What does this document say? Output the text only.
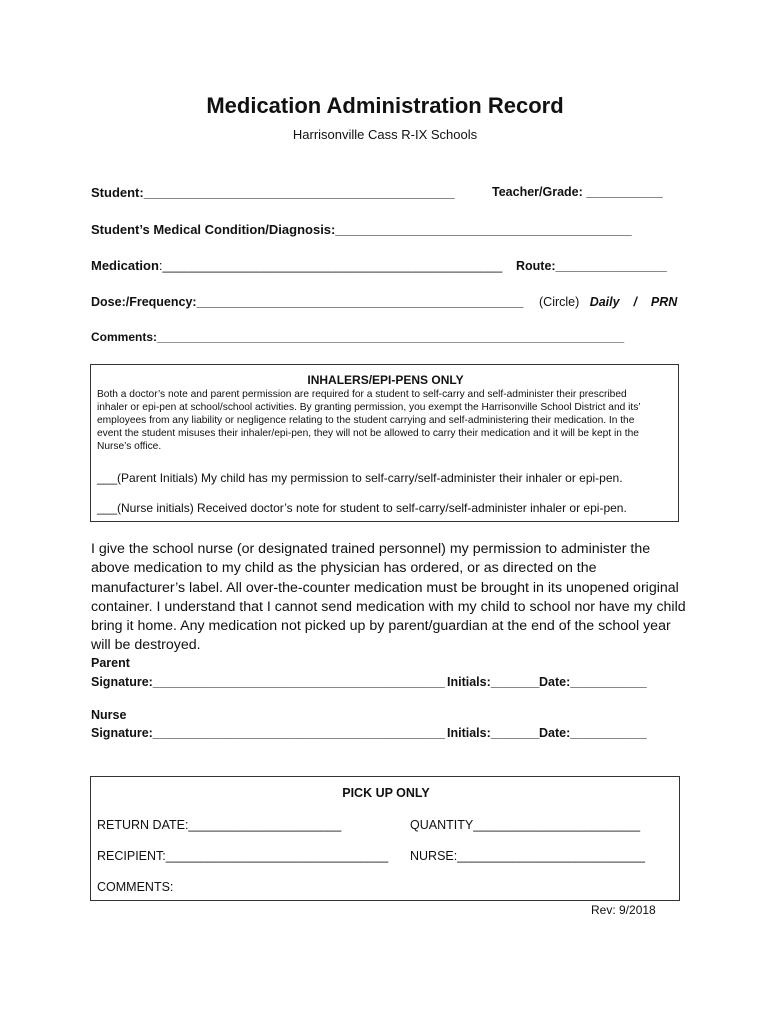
Medication Administration Record
Harrisonville Cass R-IX Schools
Student:___________________________________________	Teacher/Grade: ___________
Student’s Medical Condition/Diagnosis:_________________________________________
Medication:_______________________________________________ Route:________________
Dose:/Frequency:_______________________________________________ (Circle) Daily / PRN
Comments:______________________________________________________________________
INHALERS/EPI-PENS ONLY
Both a doctor’s note and parent permission are required for a student to self-carry and self-administer their prescribed inhaler or epi-pen at school/school activities. By granting permission, you exempt the Harrisonville School District and its’ employees from any liability or negligence relating to the student carrying and self-administering their medication. In the event the student misuses their inhaler/epi-pen, they will not be allowed to carry their medication and it will be kept in the Nurse’s office.
___(Parent Initials) My child has my permission to self-carry/self-administer their inhaler or epi-pen.
___(Nurse initials) Received doctor’s note for student to self-carry/self-administer inhaler or epi-pen.
I give the school nurse (or designated trained personnel) my permission to administer the above medication to my child as the physician has ordered, or as directed on the manufacturer’s label. All over-the-counter medication must be brought in its unopened original container. I understand that I cannot send medication with my child to school nor have my child bring it home. Any medication not picked up by parent/guardian at the end of the school year will be destroyed.
Parent
Signature:__________________________________________ Initials:_______ Date:___________
Nurse
Signature:__________________________________________ Initials:_______ Date:___________
PICK UP ONLY
RETURN DATE:______________________	QUANTITY________________________
RECIPIENT:________________________________ NURSE:___________________________
COMMENTS:
Rev: 9/2018
